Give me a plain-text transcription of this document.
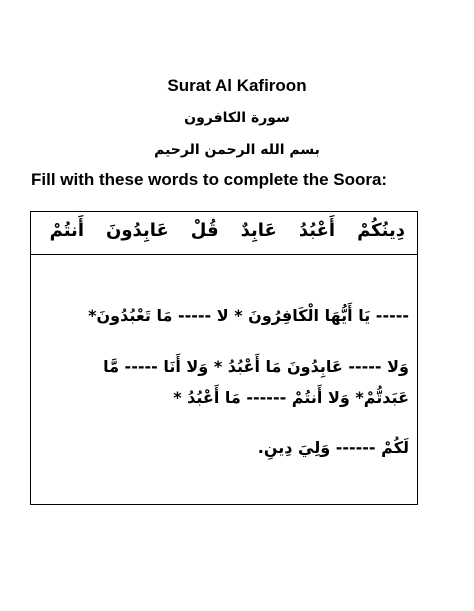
Surat Al Kafiroon
سورة الكافرون
بسم الله الرحمن الرحيم
Fill with these words to complete the Soora:
دِينُكُمْ
أَعْبُدُ
عَابِدٌ
قُلْ
عَابِدُونَ
أَنتُمْ
----- يَا أَيُّهَا الْكَافِرُونَ * لا ----- مَا تَعْبُدُونَ*
وَلا ----- عَابِدُونَ مَا أَعْبُدُ * وَلا أَنَا ----- مَّا
عَبَدتُّمْ* وَلا أَنتُمْ ------ مَا أَعْبُدُ *
لَكُمْ ------ وَلِيَ دِينِ.
